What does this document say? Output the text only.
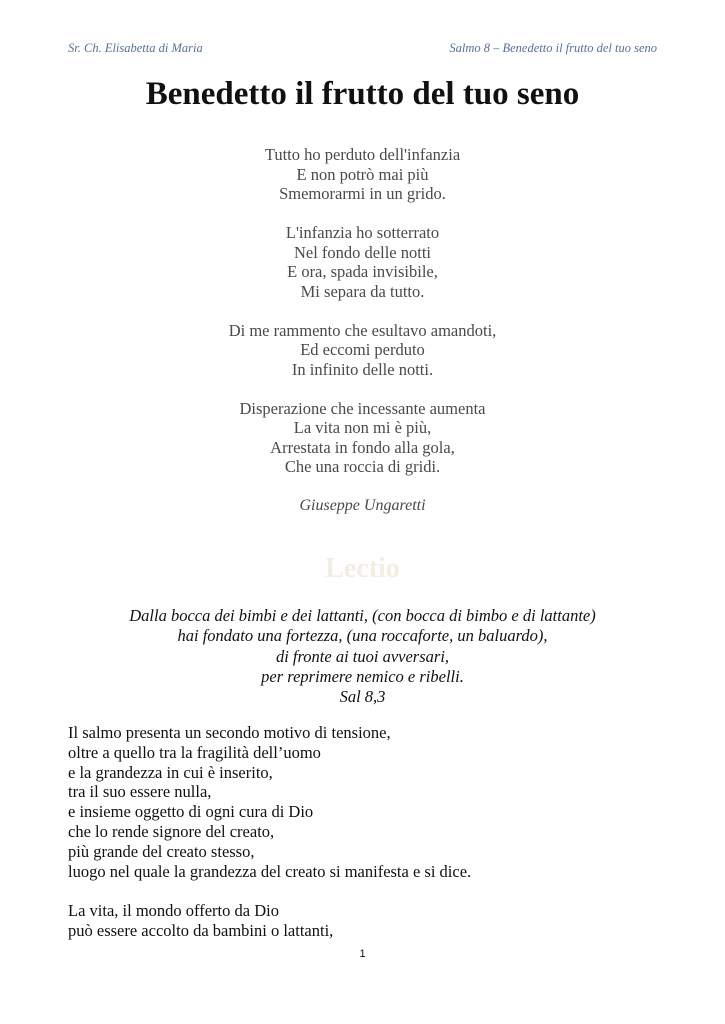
Sr. Ch. Elisabetta di Maria	Salmo 8 – Benedetto il frutto del tuo seno
Benedetto il frutto del tuo seno
Tutto ho perduto dell'infanzia
E non potrò mai più
Smemorarmi in un grido.
L'infanzia ho sotterrato
Nel fondo delle notti
E ora, spada invisibile,
Mi separa da tutto.
Di me rammento che esultavo amandoti,
Ed eccomi perduto
In infinito delle notti.
Disperazione che incessante aumenta
La vita non mi è più,
Arrestata in fondo alla gola,
Che una roccia di gridi.
Giuseppe Ungaretti
Lectio
Dalla bocca dei bimbi e dei lattanti, (con bocca di bimbo e di lattante)
hai fondato una fortezza, (una roccaforte, un baluardo),
di fronte ai tuoi avversari,
per reprimere nemico e ribelli.
Sal 8,3
Il salmo presenta un secondo motivo di tensione,
oltre a quello tra la fragilità dell’uomo
e la grandezza in cui è inserito,
tra il suo essere nulla,
e insieme oggetto di ogni cura di Dio
che lo rende signore del creato,
più grande del creato stesso,
luogo nel quale la grandezza del creato si manifesta e si dice.
La vita, il mondo offerto da Dio
può essere accolto da bambini o lattanti,
1
